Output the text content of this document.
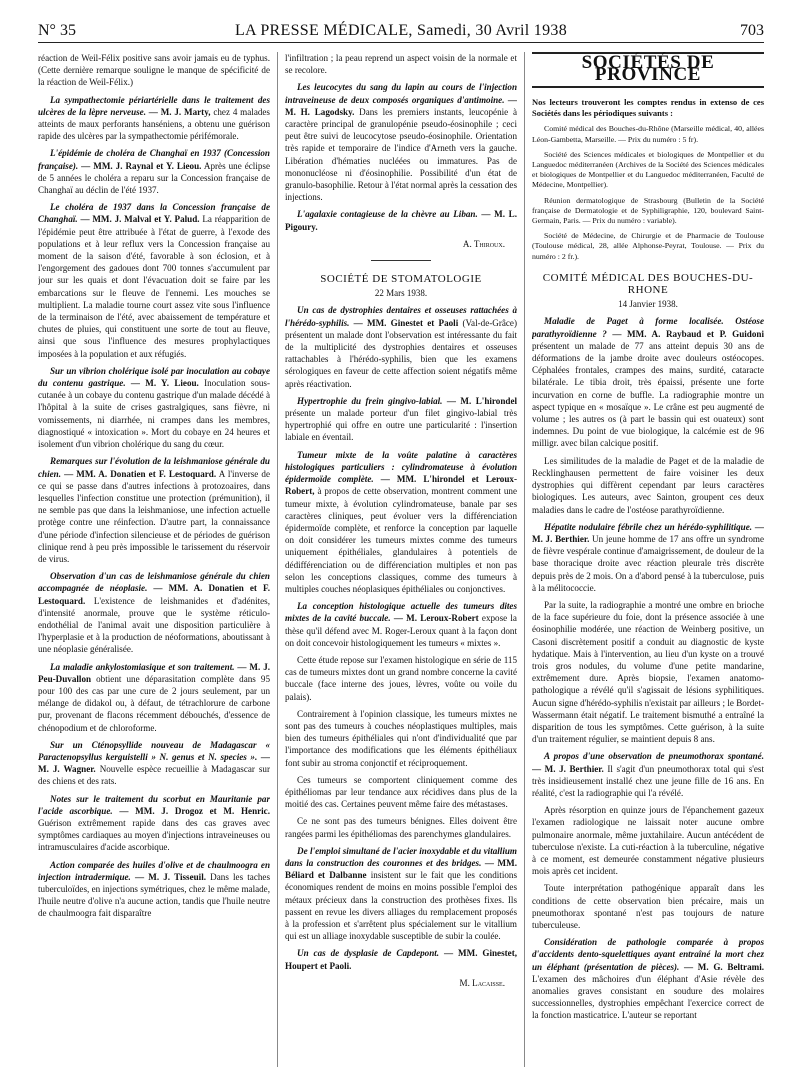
N° 35	LA PRESSE MÉDICALE, Samedi, 30 Avril 1938	703

réaction de Weil-Félix positive sans avoir jamais eu de typhus. (Cette dernière remarque souligne le manque de spécificité de la réaction de Weil-Félix.)

La sympathectomie périartérielle dans le traitement des ulcères de la lèpre nerveuse. — M. J. Marty, chez 4 malades atteints de maux perforants hanséniens, a obtenu une guérison rapide des ulcères par la sympathectomie périfémorale.

L'épidémie de choléra de Changhaï en 1937 (Concession française). — MM. J. Raynal et Y. Lieou. Après une éclipse de 5 années le choléra a reparu sur la Concession française de Changhaï au déclin de l'été 1937.

Le choléra de 1937 dans la Concession française de Changhaï. — MM. J. Malval et Y. Palud. La réapparition de l'épidémie peut être attribuée à l'état de guerre, à l'exode des populations et à leur reflux vers la Concession française au moment de la saison d'été, favorable à son éclosion, et à l'engorgement des gadoues dont 700 tonnes s'accumulent par jour sur les quais et dont l'évacuation doit se faire par les embarcations sur le fleuve de l'ennemi. Les mouches se multiplient. La maladie tourne court assez vite sous l'influence de la terminaison de l'été, avec abaissement de température et chutes de pluies, qui constituent une sorte de tout au fleuve, ainsi que sous l'influence des mesures prophylactiques imposées à la population et aux réfugiés.

Sur un vibrion cholérique isolé par inoculation au cobaye du contenu gastrique. — M. Y. Lieou. Inoculation sous-cutanée à un cobaye du contenu gastrique d'un malade décédé à l'hôpital à la suite de crises gastralgiques, sans fièvre, ni vomissements, ni diarrhée, ni crampes dans les membres, diagnostiqué « intoxication ». Mort du cobaye en 24 heures et isolement d'un vibrion cholérique du sang du cœur.

Remarques sur l'évolution de la leishmaniose générale du chien. — MM. A. Donatien et F. Lestoquard. A l'inverse de ce qui se passe dans d'autres infections à protozoaires, dans lesquelles l'infection constitue une protection (prémunition), il ne semble pas que dans la leishmaniose, une infection actuelle protège contre une réinfection. D'autre part, la connaissance d'une période d'infection silencieuse et de périodes de guérison clinique rend à peu près impossible le tarissement du réservoir de virus.

Observation d'un cas de leishmaniose générale du chien accompagnée de néoplasie. — MM. A. Donatien et F. Lestoquard. L'existence de leishmanides et d'adénites, d'intensité anormale, prouve que le système réticulo-endothélial de l'animal avait une disposition particulière à l'hyperplasie et à la production de néoformations, aboutissant à une néoplasie généralisée.

La maladie ankylostomiasique et son traitement. — M. J. Peu-Duvallon obtient une déparasitation complète dans 95 pour 100 des cas par une cure de 2 jours seulement, par un mélange de didakol ou, à défaut, de tétrachlorure de carbone pur, provenant de flacons récemment débouchés, d'essence de chénopodium et de chloroforme.

Sur un Cténopsyllide nouveau de Madagascar « Paractenopsyllus kerguistelli » N. genus et N. species ». — M. J. Wagner. Nouvelle espèce recueillie à Madagascar sur des chiens et des rats.

Notes sur le traitement du scorbut en Mauritanie par l'acide ascorbique. — MM. J. Drogoz et M. Henric. Guérison extrêmement rapide dans des cas graves avec symptômes cardiaques au moyen d'injections intraveineuses ou intramusculaires d'acide ascorbique.

Action comparée des huiles d'olive et de chaulmoogra en injection intradermique. — M. J. Tisseuil. Dans les taches tuberculoïdes, en injections symétriques, chez le même malade, l'huile neutre d'olive n'a aucune action, tandis que l'huile neutre de chaulmoogra fait disparaître

l'infiltration ; la peau reprend un aspect voisin de la normale et se recolore.

Les leucocytes du sang du lapin au cours de l'injection intraveineuse de deux composés organiques d'antimoine. — M. H. Lagodsky. Dans les premiers instants, leucopénie à caractère principal de granulopénie pseudo-éosinophile ; ceci peut être suivi de leucocytose pseudo-éosinophile. Orientation très rapide et temporaire de l'indice d'Arneth vers la gauche. Libération d'hématies nucléées ou immatures. Pas de mononucléose ni d'éosinophilie. Possibilité d'un état de granulo-basophilie. Retour à l'état normal après la cessation des injections.

L'agalaxie contagieuse de la chèvre au Liban. — M. L. Pigoury.

A. Thiroux.

SOCIÉTÉ DE STOMATOLOGIE
22 Mars 1938.

Un cas de dystrophies dentaires et osseuses rattachées à l'hérédo-syphilis. — MM. Ginestet et Paoli (Val-de-Grâce) présentent un malade dont l'observation est intéressante du fait de la multiplicité des dystrophies dentaires et osseuses rattachables à l'hérédo-syphilis, bien que les examens sérologiques en faveur de cette affection soient négatifs même après réactivation.

Hypertrophie du frein gingivo-labial. — M. L'hirondel présente un malade porteur d'un filet gingivo-labial très hypertrophié qui offre en outre une particularité : l'insertion labiale en éventail.

Tumeur mixte de la voûte palatine à caractères histologiques particuliers : cylindromateuse à évolution épidermoïde complète. — MM. L'hirondel et Leroux-Robert, à propos de cette observation, montrent comment une tumeur mixte, à évolution cylindromateuse, banale par ses caractères cliniques, peut évoluer vers la différenciation épidermoïde complète, et renforce la conception par laquelle on doit considérer les tumeurs mixtes comme des tumeurs uniquement épithéliales, glandulaires à potentiels de dédifférenciation ou de différenciation multiples et non pas selon les conceptions classiques, comme des tumeurs à multiples couches néoplasiques épithéliales ou conjonctives.

La conception histologique actuelle des tumeurs dites mixtes de la cavité buccale. — M. Leroux-Robert expose la thèse qu'il défend avec M. Roger-Leroux quant à la façon dont on doit concevoir histologiquement les tumeurs « mixtes ».

Cette étude repose sur l'examen histologique en série de 115 cas de tumeurs mixtes dont un grand nombre concerne la cavité buccale (face interne des joues, lèvres, voûte ou voile du palais).

Contrairement à l'opinion classique, les tumeurs mixtes ne sont pas des tumeurs à couches néoplastiques multiples, mais bien des tumeurs épithéliales qui n'ont d'individualité que par l'importance des modifications que les éléments épithéliaux font subir au stroma conjonctif et réciproquement.

Ces tumeurs se comportent cliniquement comme des épithéliomas par leur tendance aux récidives dans plus de la moitié des cas. Certaines peuvent même faire des métastases.

Ce ne sont pas des tumeurs bénignes. Elles doivent être rangées parmi les épithéliomas des parenchymes glandulaires.

De l'emploi simultané de l'acier inoxydable et du vitallium dans la construction des couronnes et des bridges. — MM. Béliard et Dalbanne insistent sur le fait que les conditions économiques rendent de moins en moins possible l'emploi des métaux précieux dans la construction des prothèses fixes. Ils passent en revue les divers alliages du remplacement proposés à la profession et s'arrêtent plus spécialement sur le vitallium qui est un alliage inoxydable susceptible de subir la coulée.

Un cas de dysplasie de Capdepont. — MM. Ginestet, Houpert et Paoli.

M. Lacaisse.

SOCIÉTÉS DE PROVINCE

Nos lecteurs trouveront les comptes rendus in extenso de ces Sociétés dans les périodiques suivants :

Comité médical des Bouches-du-Rhône (Marseille médical, 40, allées Léon-Gambetta, Marseille. — Prix du numéro : 5 fr).

Société des Sciences médicales et biologiques de Montpellier et du Languedoc méditerranéen (Archives de la Société des Sciences médicales et biologiques de Montpellier et du Languedoc méditerranéen, Faculté de Médecine, Montpellier).

Réunion dermatologique de Strasbourg (Bulletin de la Société française de Dermatologie et de Syphiligraphie, 120, boulevard Saint-Germain, Paris. — Prix du numéro : variable).

Société de Médecine, de Chirurgie et de Pharmacie de Toulouse (Toulouse médical, 28, allée Alphonse-Peyrat, Toulouse. — Prix du numéro : 2 fr.).

COMITÉ MÉDICAL DES BOUCHES-DU-RHONE
14 Janvier 1938.

Maladie de Paget à forme localisée. Ostéose parathyroïdienne ? — MM. A. Raybaud et P. Guidoni présentent un malade de 77 ans atteint depuis 30 ans de déformations de la jambe droite avec douleurs ostéocopes. Céphalées frontales, crampes des mains, surdité, cataracte bilatérale. Le tibia droit, très épaissi, présente une forte incurvation en corne de buffle. La radiographie montre un aspect typique en « mosaïque ». Le crâne est peu augmenté de volume ; les autres os (à part le bassin qui est ouateux) sont indemnes. Du point de vue biologique, la calcémie est de 96 milligr. avec bilan calcique positif.

Les similitudes de la maladie de Paget et de la maladie de Recklinghausen permettent de faire voisiner les deux dystrophies qui diffèrent cependant par leurs caractères biologiques. Les auteurs, avec Sainton, groupent ces deux maladies dans le cadre de l'ostéose parathyroïdienne.

Hépatite nodulaire fébrile chez un hérédo-syphilitique. — M. J. Berthier. Un jeune homme de 17 ans offre un syndrome de fièvre vespérale continue d'amaigrissement, de douleur de la base thoracique droite avec réaction pleurale très discrète depuis près de 2 mois. On a d'abord pensé à la tuberculose, puis à la mélitococcie.

Par la suite, la radiographie a montré une ombre en brioche de la face supérieure du foie, dont la présence associée à une éosinophilie modérée, une réaction de Weinberg positive, un Casoni discrètement positif a conduit au diagnostic de kyste hydatique. Mais à l'intervention, au lieu d'un kyste on a trouvé trois gros nodules, du volume d'une petite mandarine, extrêmement dure. Après biopsie, l'examen anatomo-pathologique a révélé qu'il s'agissait de lésions syphilitiques. Aucun signe d'hérédo-syphilis n'existait par ailleurs ; le Bordet-Wassermann était négatif. Le traitement bismuthé a entraîné la disparition de tous les symptômes. Cette guérison, à la suite d'un traitement régulier, se maintient depuis 8 ans.

A propos d'une observation de pneumothorax spontané. — M. J. Berthier. Il s'agit d'un pneumothorax total qui s'est très insidieusement installé chez une jeune fille de 16 ans. En réalité, c'est la radiographie qui l'a révélé.

Après résorption en quinze jours de l'épanchement gazeux l'examen radiologique ne laissait noter aucune ombre pulmonaire anormale, même juxtahilaire. Aucun antécédent de tuberculose n'existe. La cuti-réaction à la tuberculine, négative à ce moment, est demeurée constamment négative plusieurs mois après cet incident.

Toute interprétation pathogénique apparaît dans les conditions de cette observation bien précaire, mais un pneumothorax spontané n'est pas toujours de nature tuberculeuse.

Considération de pathologie comparée à propos d'accidents dento-squelettiques ayant entraîné la mort chez un éléphant (présentation de pièces). — M. G. Beltrami. L'examen des mâchoires d'un éléphant d'Asie révèle des anomalies graves consistant en soudure des molaires successionnelles, dystrophies empêchant l'exercice correct de la fonction masticatrice. L'auteur se reportant
